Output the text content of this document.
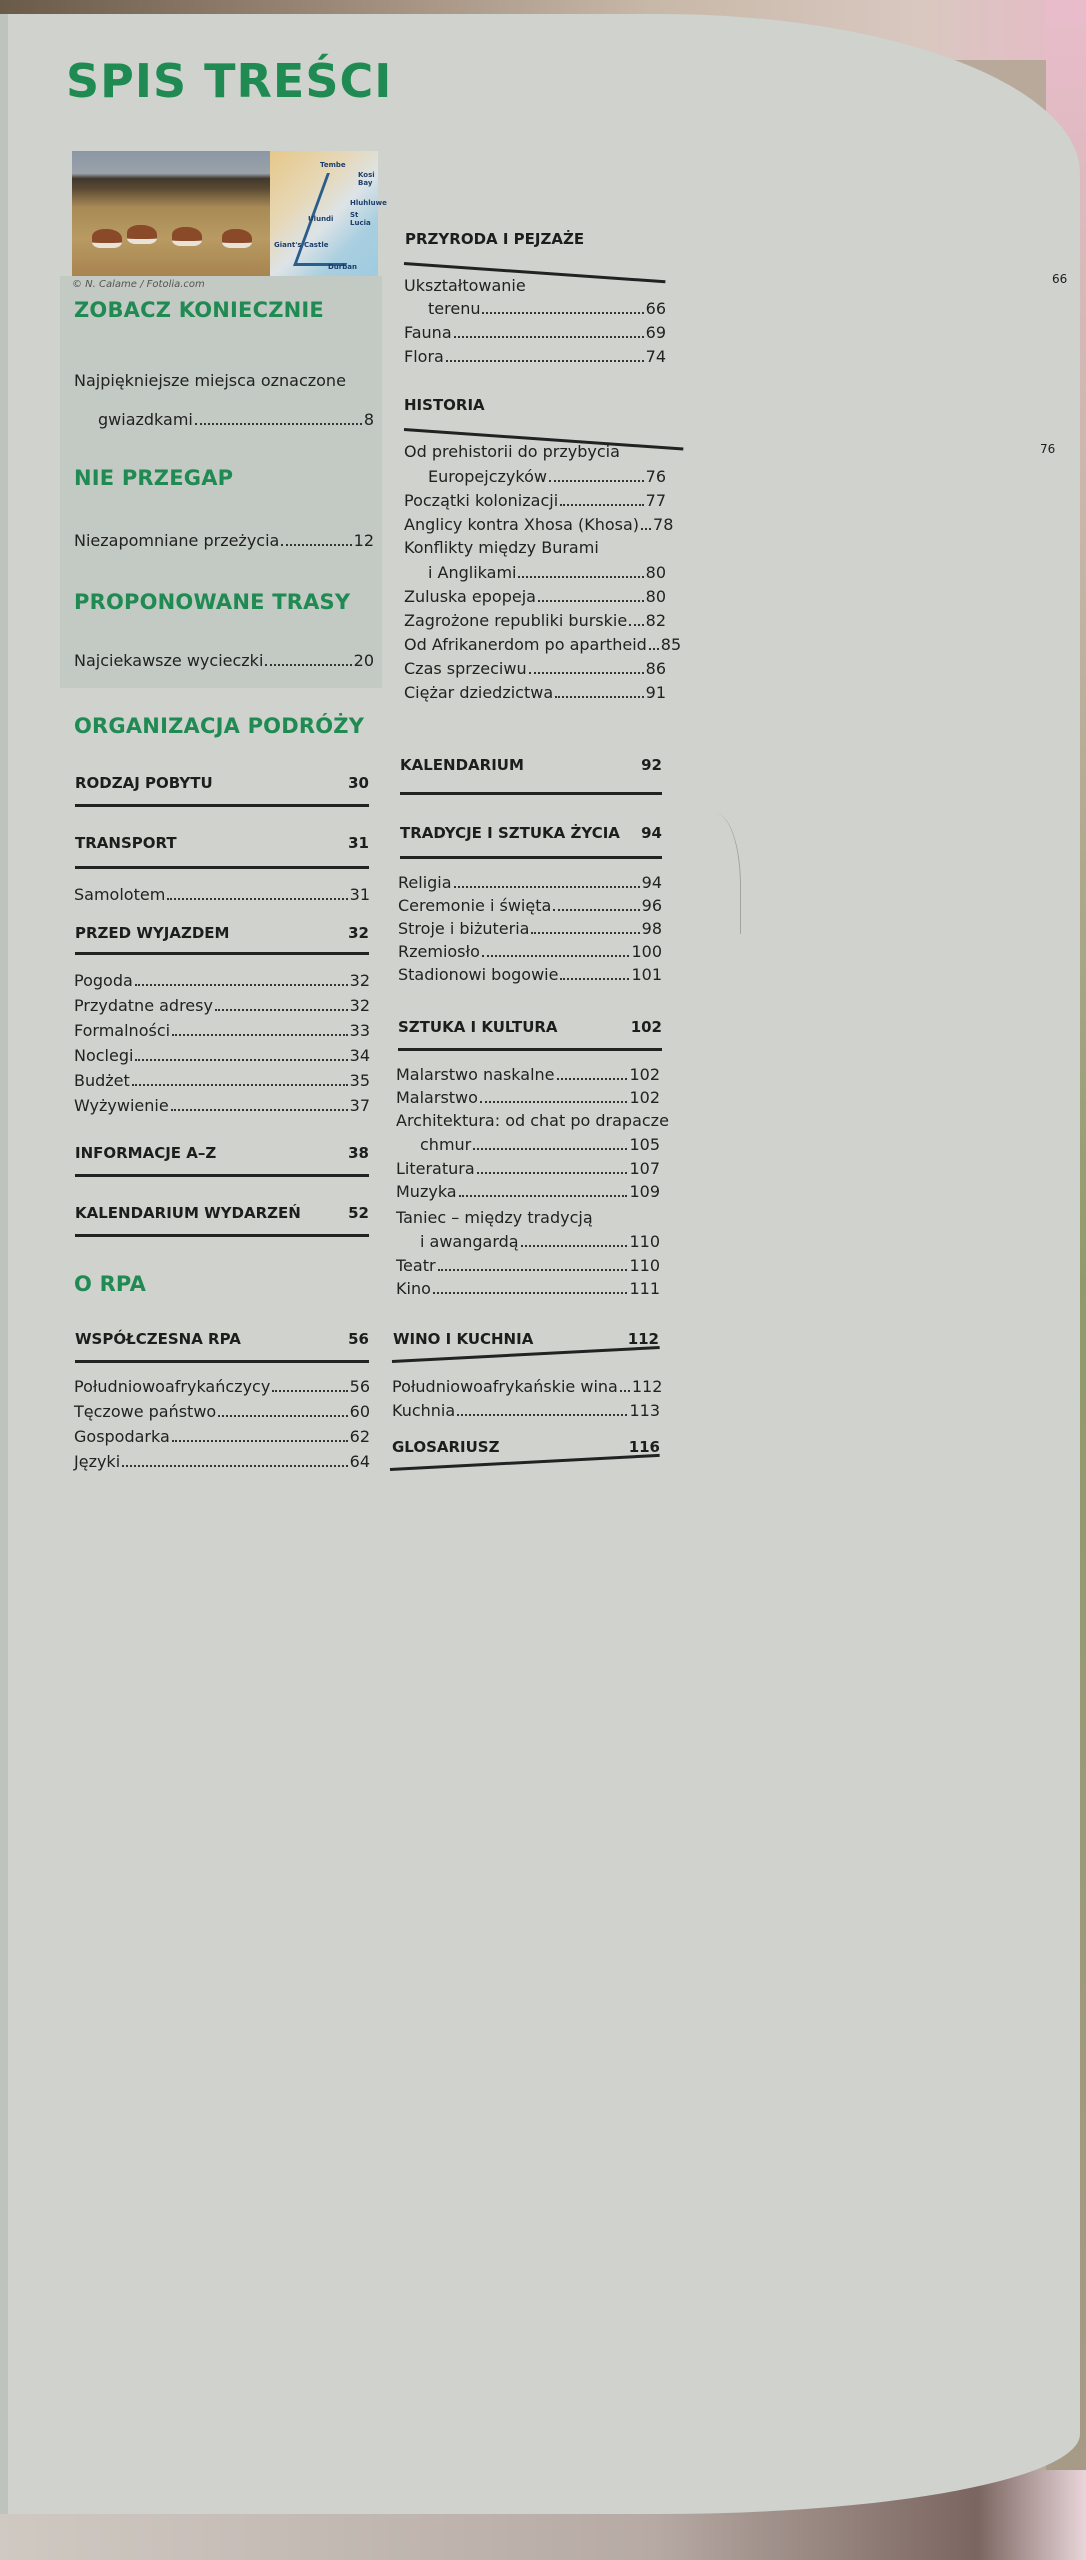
SPIS TREŚCI
Tembe
Kosi Bay
Hluhluwe
St Lucia
Ulundi
Giant's Castle
Durban
© N. Calame / Fotolia.com
ZOBACZ KONIECZNIE
Najpiękniejsze miejsca oznaczone
gwiazdkami	8
NIE PRZEGAP
Niezapomniane przeżycia	12
PROPONOWANE TRASY
Najciekawsze wycieczki	20
ORGANIZACJA PODRÓŻY
RODZAJ POBYTU	30
TRANSPORT	31
Samolotem	31
PRZED WYJAZDEM	32
Pogoda	32
Przydatne adresy	32
Formalności	33
Noclegi	34
Budżet	35
Wyżywienie	37
INFORMACJE A–Z	38
KALENDARIUM WYDARZEŃ	52
O RPA
WSPÓŁCZESNA RPA	56
Południowoafrykańczycy	56
Tęczowe państwo	60
Gospodarka	62
Języki	64
PRZYRODA I PEJZAŻE
66
Ukształtowanie
terenu	66
Fauna	69
Flora	74
HISTORIA
76
Od prehistorii do przybycia
Europejczyków	76
Początki kolonizacji	77
Anglicy kontra Xhosa (Khosa) 78
Konflikty między Burami
i Anglikami	80
Zuluska epopeja	80
Zagrożone republiki burskie 82
Od Afrikanerdom po apartheid 85
Czas sprzeciwu	86
Ciężar dziedzictwa	91
KALENDARIUM	92
TRADYCJE I SZTUKA ŻYCIA 94
Religia	94
Ceremonie i święta	96
Stroje i biżuteria	98
Rzemiosło	100
Stadionowi bogowie	101
SZTUKA I KULTURA	102
Malarstwo naskalne	102
Malarstwo	102
Architektura: od chat po drapacze
chmur	105
Literatura	107
Muzyka	109
Taniec – między tradycją
i awangardą	110
Teatr	110
Kino	111
WINO I KUCHNIA	112
Południowoafrykańskie wina 112
Kuchnia	113
GLOSARIUSZ	116
